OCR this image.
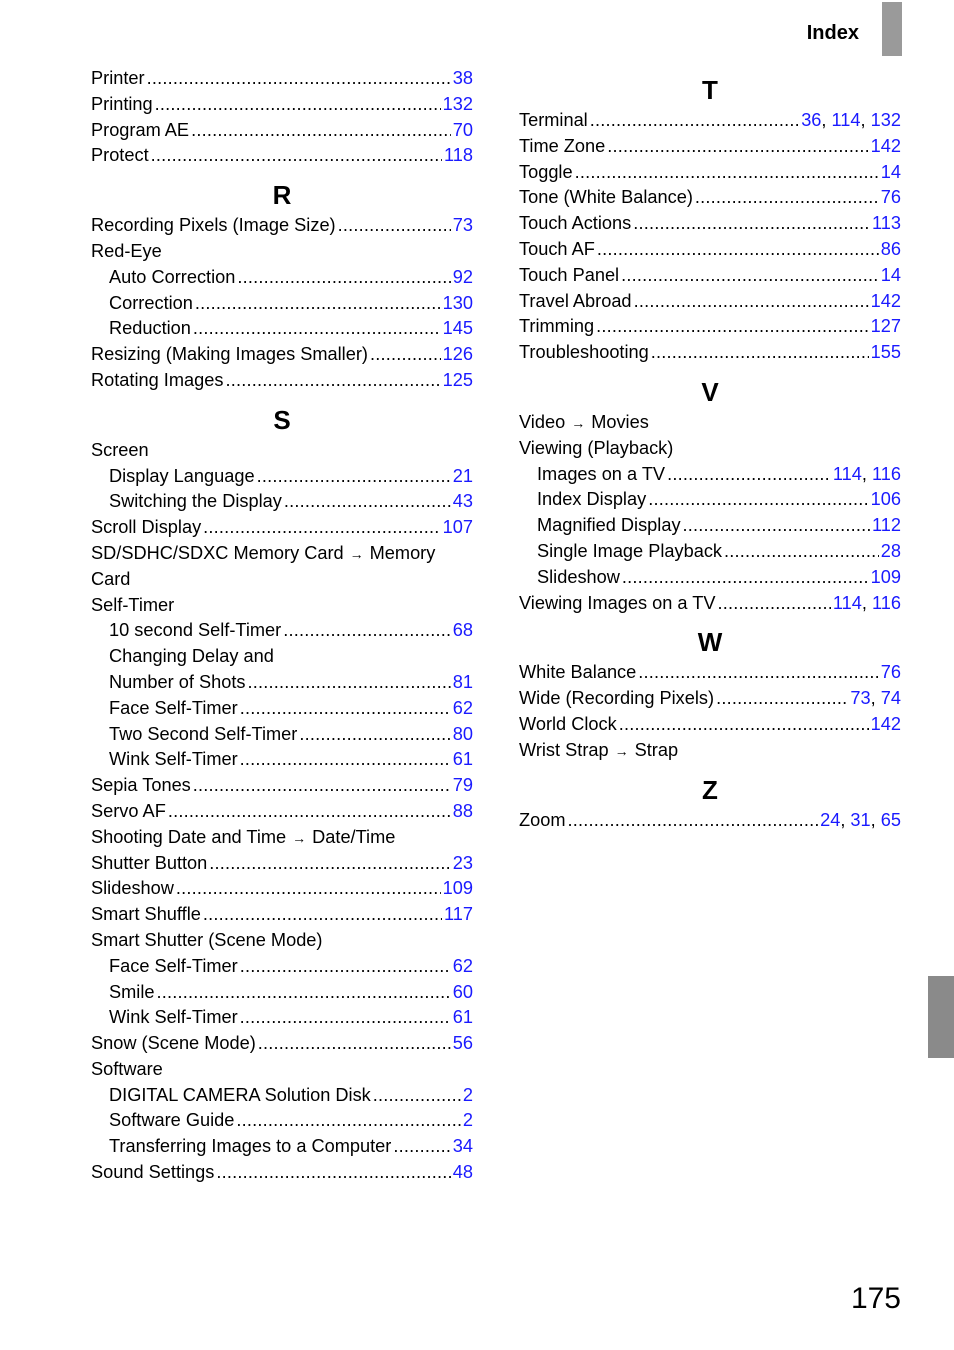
Index
Printer .....	38
Printing .....	132
Program AE .....	70
Protect .....	118
R
Recording Pixels (Image Size) .....	73
Red-Eye
Auto Correction .....	92
Correction .....	130
Reduction .....	145
Resizing (Making Images Smaller) .....	126
Rotating Images .....	125
S
Screen
Display Language .....	21
Switching the Display .....	43
Scroll Display .....	107
SD/SDHC/SDXC Memory Card → Memory
Card
Self-Timer
10 second Self-Timer .....	68
Changing Delay and
Number of Shots .....	81
Face Self-Timer .....	62
Two Second Self-Timer .....	80
Wink Self-Timer .....	61
Sepia Tones .....	79
Servo AF .....	88
Shooting Date and Time → Date/Time
Shutter Button .....	23
Slideshow .....	109
Smart Shuffle .....	117
Smart Shutter (Scene Mode)
Face Self-Timer .....	62
Smile .....	60
Wink Self-Timer .....	61
Snow (Scene Mode) .....	56
Software
DIGITAL CAMERA Solution Disk .....	2
Software Guide .....	2
Transferring Images to a Computer .....	34
Sound Settings .....	48
T
Terminal .....	36, 114, 132
Time Zone .....	142
Toggle .....	14
Tone (White Balance) .....	76
Touch Actions .....	113
Touch AF .....	86
Touch Panel .....	14
Travel Abroad .....	142
Trimming .....	127
Troubleshooting .....	155
V
Video → Movies
Viewing (Playback)
Images on a TV .....	114, 116
Index Display .....	106
Magnified Display .....	112
Single Image Playback .....	28
Slideshow .....	109
Viewing Images on a TV .....	114, 116
W
White Balance .....	76
Wide (Recording Pixels) .....	73, 74
World Clock .....	142
Wrist Strap → Strap
Z
Zoom .....	24, 31, 65
175
